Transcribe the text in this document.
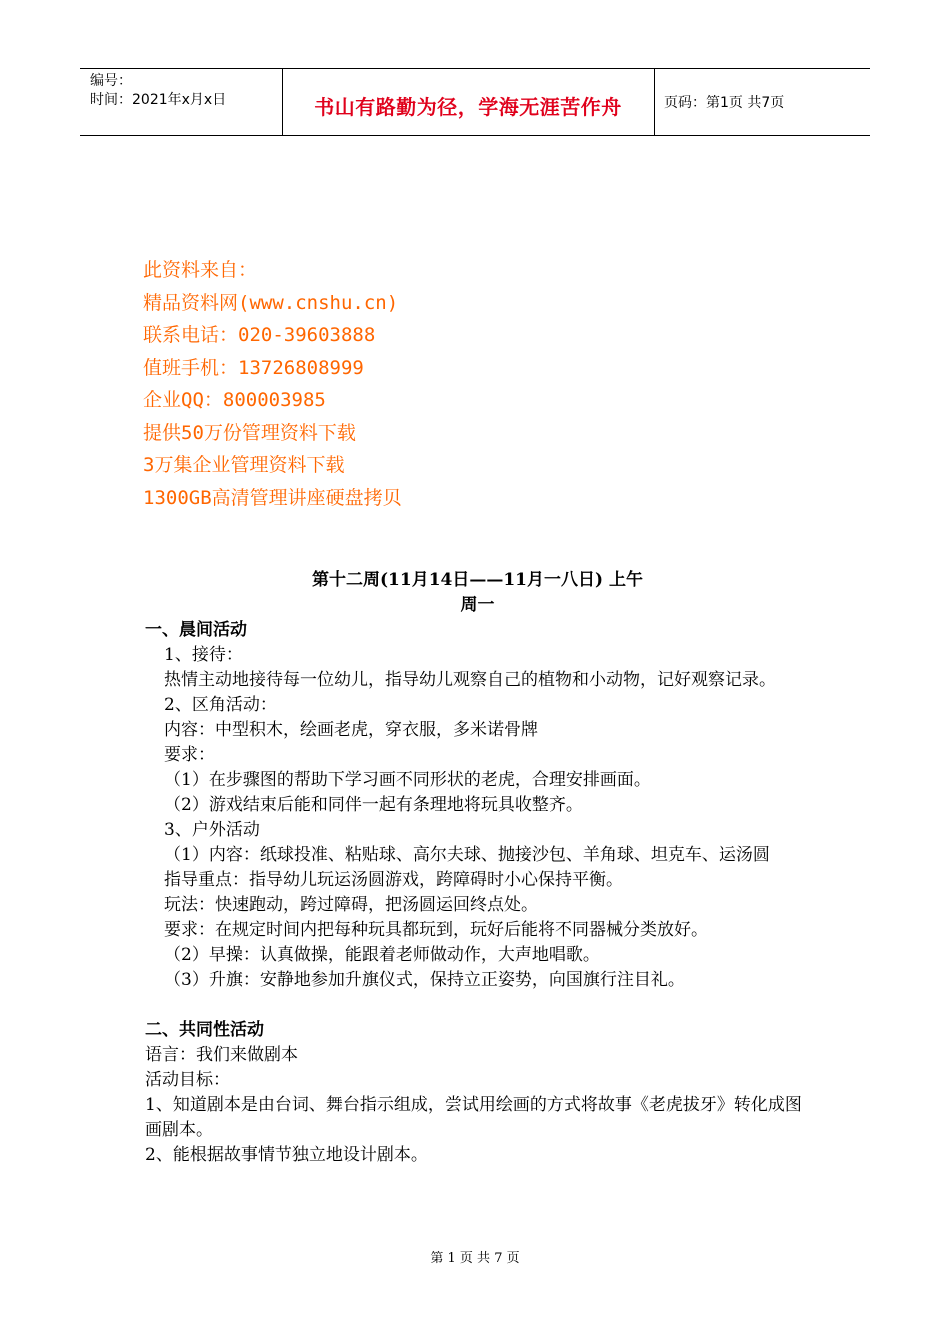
编号：
时间：2021年x月x日	书山有路勤为径，学海无涯苦作舟	页码：第1页 共7页
此资料来自：
精品资料网(www.cnshu.cn)
联系电话：020-39603888
值班手机：13726808999
企业QQ：800003985
提供50万份管理资料下载
3万集企业管理资料下载
1300GB高清管理讲座硬盘拷贝
第十二周(11月14日——11月一八日) 上午
周一
一、晨间活动
1、接待：
热情主动地接待每一位幼儿，指导幼儿观察自己的植物和小动物，记好观察记录。
2、区角活动：
内容：中型积木，绘画老虎，穿衣服，多米诺骨牌
要求：
（1）在步骤图的帮助下学习画不同形状的老虎，合理安排画面。
（2）游戏结束后能和同伴一起有条理地将玩具收整齐。
3、户外活动
（1）内容：纸球投准、粘贴球、高尔夫球、抛接沙包、羊角球、坦克车、运汤圆
指导重点：指导幼儿玩运汤圆游戏，跨障碍时小心保持平衡。
玩法：快速跑动，跨过障碍，把汤圆运回终点处。
要求：在规定时间内把每种玩具都玩到，玩好后能将不同器械分类放好。
（2）早操：认真做操，能跟着老师做动作，大声地唱歌。
（3）升旗：安静地参加升旗仪式，保持立正姿势，向国旗行注目礼。
二、共同性活动
语言：我们来做剧本
活动目标：
1、知道剧本是由台词、舞台指示组成，尝试用绘画的方式将故事《老虎拔牙》转化成图画剧本。
2、能根据故事情节独立地设计剧本。
第 1 页 共 7 页
